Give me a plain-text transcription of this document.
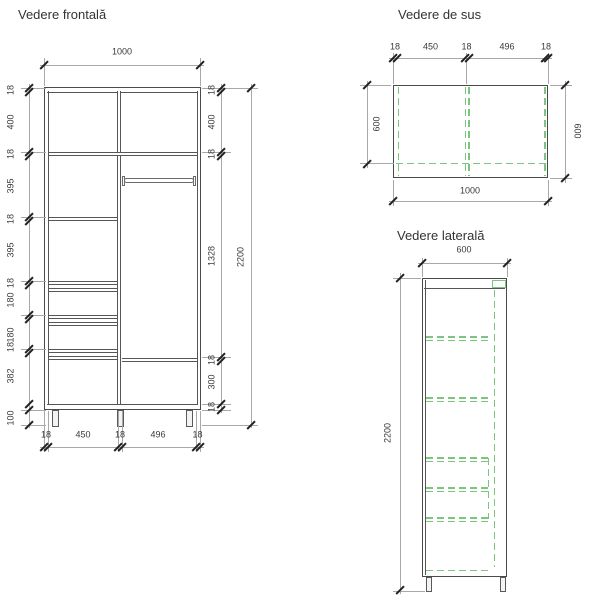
Vedere frontală
1000
18
400
18
395
18
395
18
180
180
18
382
100
18
400
18
1328
18
300
18
2200
18	450	18	496	18
Vedere de sus
18	450	18	496	18
1000
600	600
Vedere laterală
600
2200
